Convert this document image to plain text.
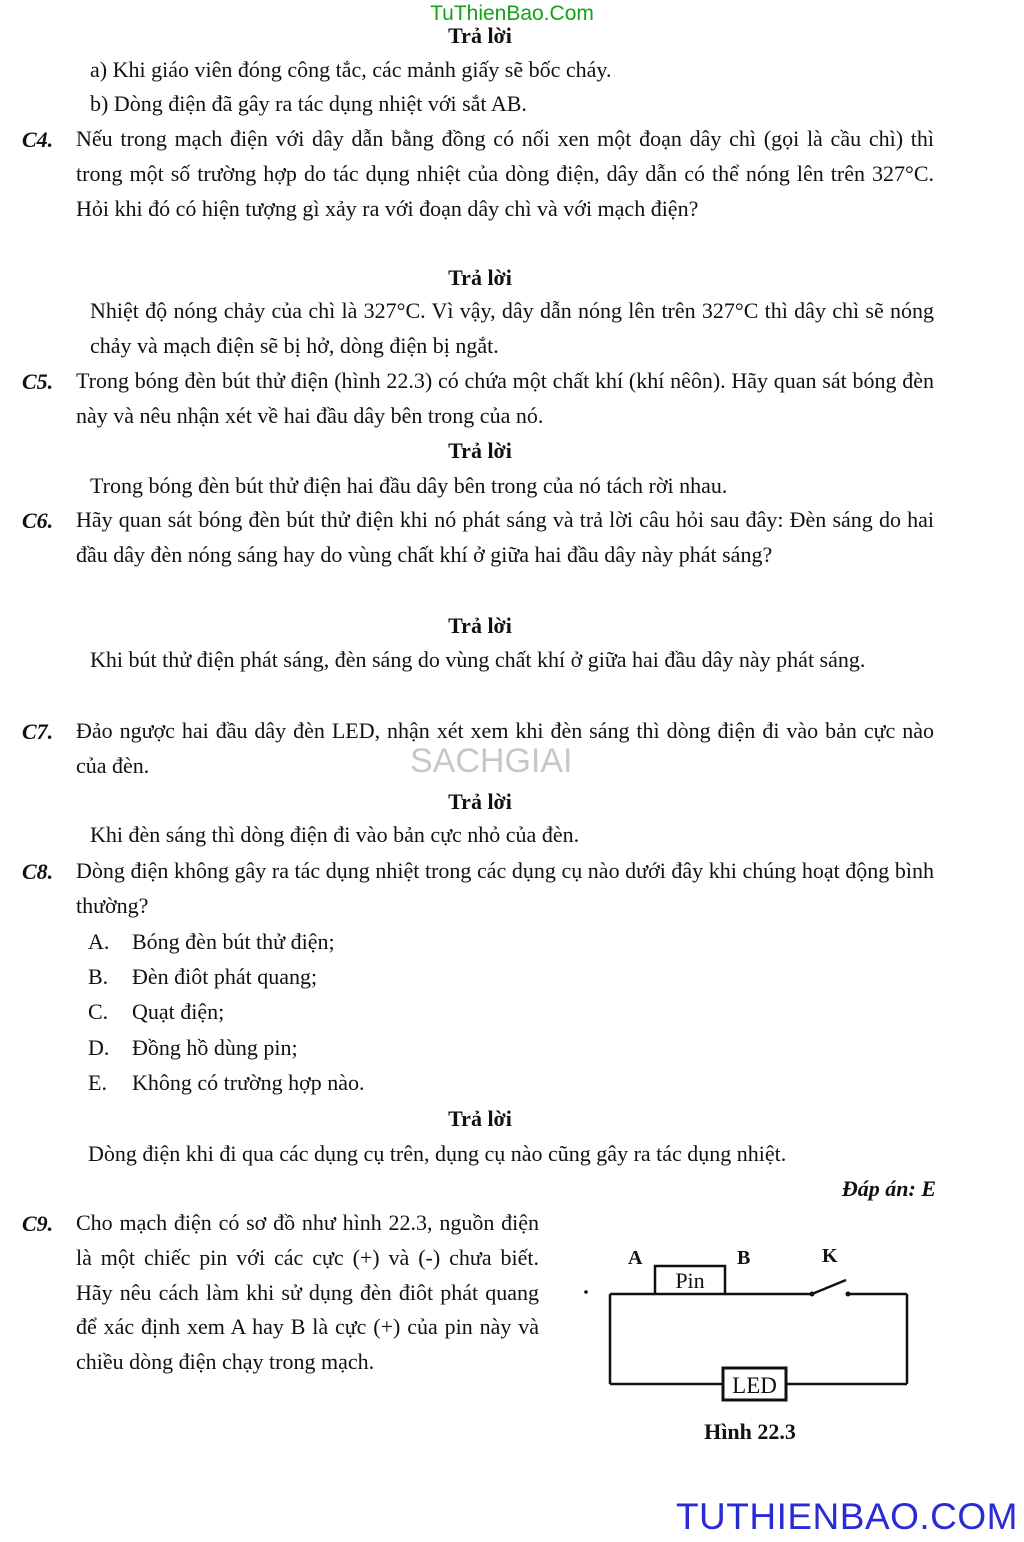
TuThienBao.Com
Trả lời
a) Khi giáo viên đóng công tắc, các mảnh giấy sẽ bốc cháy.
b) Dòng điện đã gây ra tác dụng nhiệt với sắt AB.
C4. Nếu trong mạch điện với dây dẫn bằng đồng có nối xen một đoạn dây chì (gọi là cầu chì) thì trong một số trường hợp do tác dụng nhiệt của dòng điện, dây dẫn có thể nóng lên trên 327°C. Hỏi khi đó có hiện tượng gì xảy ra với đoạn dây chì và với mạch điện?
Trả lời
Nhiệt độ nóng chảy của chì là 327°C. Vì vậy, dây dẫn nóng lên trên 327°C thì dây chì sẽ nóng chảy và mạch điện sẽ bị hở, dòng điện bị ngắt.
C5. Trong bóng đèn bút thử điện (hình 22.3) có chứa một chất khí (khí nêôn). Hãy quan sát bóng đèn này và nêu nhận xét về hai đầu dây bên trong của nó.
Trả lời
Trong bóng đèn bút thử điện hai đầu dây bên trong của nó tách rời nhau.
C6. Hãy quan sát bóng đèn bút thử điện khi nó phát sáng và trả lời câu hỏi sau đây: Đèn sáng do hai đầu dây đèn nóng sáng hay do vùng chất khí ở giữa hai đầu dây này phát sáng?
Trả lời
Khi bút thử điện phát sáng, đèn sáng do vùng chất khí ở giữa hai đầu dây này phát sáng.
SACHGIAI
C7. Đảo ngược hai đầu dây đèn LED, nhận xét xem khi đèn sáng thì dòng điện đi vào bản cực nào của đèn.
Trả lời
Khi đèn sáng thì dòng điện đi vào bản cực nhỏ của đèn.
C8. Dòng điện không gây ra tác dụng nhiệt trong các dụng cụ nào dưới đây khi chúng hoạt động bình thường?
A. Bóng đèn bút thử điện;
B. Đèn điôt phát quang;
C. Quạt điện;
D. Đồng hồ dùng pin;
E. Không có trường hợp nào.
Trả lời
Dòng điện khi đi qua các dụng cụ trên, dụng cụ nào cũng gây ra tác dụng nhiệt.
Đáp án: E
C9. Cho mạch điện có sơ đồ như hình 22.3, nguồn điện là một chiếc pin với các cực (+) và (-) chưa biết. Hãy nêu cách làm khi sử dụng đèn điôt phát quang để xác định xem A hay B là cực (+) của pin này và chiều dòng điện chạy trong mạch.
A	B	K
Pin
LED
Hình 22.3
TUTHIENBAO.COM
